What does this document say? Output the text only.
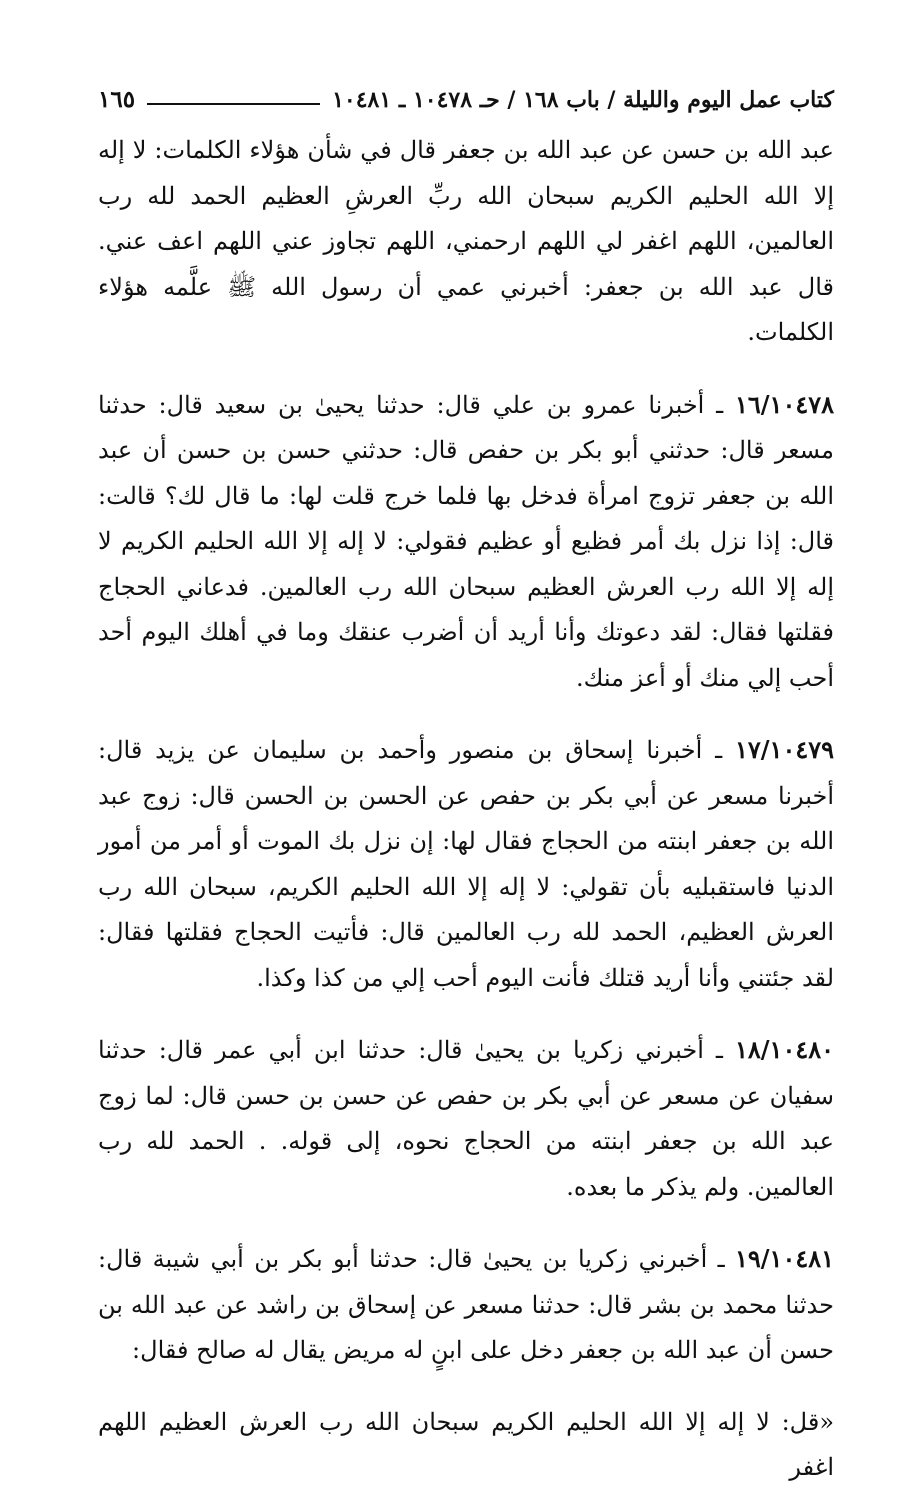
كتاب عمل اليوم والليلة / باب ١٦٨ / حـ ١٠٤٧٨ ـ ١٠٤٨١
١٦٥

عبد الله بن حسن عن عبد الله بن جعفر قال في شأن هؤلاء الكلمات: لا إله إلا الله الحليم الكريم سبحان الله ربِّ العرشِ العظيم الحمد لله رب العالمين، اللهم اغفر لي اللهم ارحمني، اللهم تجاوز عني اللهم اعف عني. قال عبد الله بن جعفر: أخبرني عمي أن رسول الله ﷺ علَّمه هؤلاء الكلمات.

١٦/١٠٤٧٨ ـ أخبرنا عمرو بن علي قال: حدثنا يحيىٰ بن سعيد قال: حدثنا مسعر قال: حدثني أبو بكر بن حفص قال: حدثني حسن بن حسن أن عبد الله بن جعفر تزوج امرأة فدخل بها فلما خرج قلت لها: ما قال لك؟ قالت: قال: إذا نزل بك أمر فظيع أو عظيم فقولي: لا إله إلا الله الحليم الكريم لا إله إلا الله رب العرش العظيم سبحان الله رب العالمين. فدعاني الحجاج فقلتها فقال: لقد دعوتك وأنا أريد أن أضرب عنقك وما في أهلك اليوم أحد أحب إلي منك أو أعز منك.

١٧/١٠٤٧٩ ـ أخبرنا إسحاق بن منصور وأحمد بن سليمان عن يزيد قال: أخبرنا مسعر عن أبي بكر بن حفص عن الحسن بن الحسن قال: زوج عبد الله بن جعفر ابنته من الحجاج فقال لها: إن نزل بك الموت أو أمر من أمور الدنيا فاستقبليه بأن تقولي: لا إله إلا الله الحليم الكريم، سبحان الله رب العرش العظيم، الحمد لله رب العالمين قال: فأتيت الحجاج فقلتها فقال: لقد جئتني وأنا أريد قتلك فأنت اليوم أحب إلي من كذا وكذا.

١٨/١٠٤٨٠ ـ أخبرني زكريا بن يحيىٰ قال: حدثنا ابن أبي عمر قال: حدثنا سفيان عن مسعر عن أبي بكر بن حفص عن حسن بن حسن قال: لما زوج عبد الله بن جعفر ابنته من الحجاج نحوه، إلى قوله. . الحمد لله رب العالمين. ولم يذكر ما بعده.

١٩/١٠٤٨١ ـ أخبرني زكريا بن يحيىٰ قال: حدثنا أبو بكر بن أبي شيبة قال: حدثنا محمد بن بشر قال: حدثنا مسعر عن إسحاق بن راشد عن عبد الله بن حسن أن عبد الله بن جعفر دخل على ابنٍ له مريض يقال له صالح فقال:

«قل: لا إله إلا الله الحليم الكريم سبحان الله رب العرش العظيم اللهم اغفر
